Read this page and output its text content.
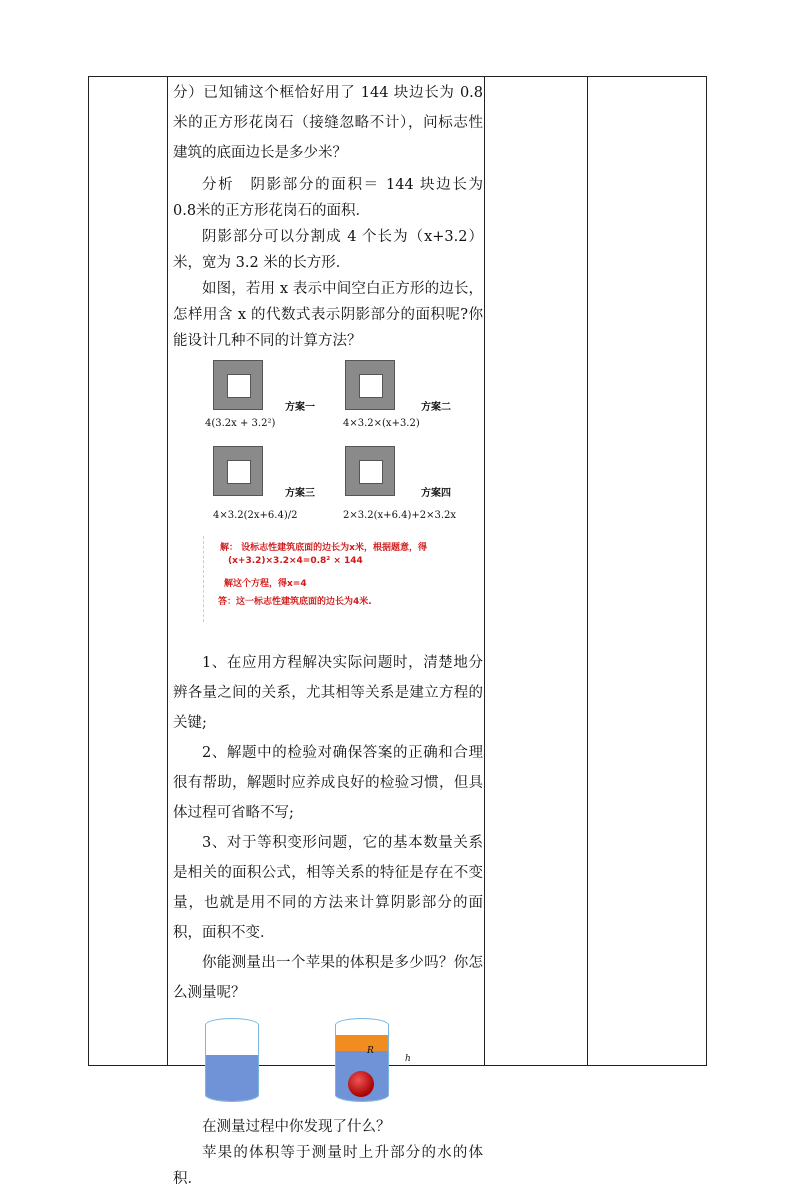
分）已知铺这个框恰好用了 144 块边长为 0.8 米的正方形花岗石（接缝忽略不计），问标志性建筑的底面边长是多少米？

分析　阴影部分的面积＝ 144 块边长为 0.8米的正方形花岗石的面积．

阴影部分可以分割成 4 个长为（x+3.2）米，宽为 3.2 米的长方形．

如图，若用 x 表示中间空白正方形的边长，怎样用含 x 的代数式表示阴影部分的面积呢?你能设计几种不同的计算方法？

方案一
4(3.2x + 3.2²)
方案二
4×3.2×(x+3.2)
方案三
4×3.2(2x+6.4)/2
方案四
2×3.2(x+6.4)+2×3.2x
解： 设标志性建筑底面的边长为x米，根据题意，得
(x+3.2)×3.2×4=0.8² × 144
解这个方程，得x=4
答：这一标志性建筑底面的边长为4米.

1、在应用方程解决实际问题时，清楚地分辨各量之间的关系，尤其相等关系是建立方程的关键;

2、解题中的检验对确保答案的正确和合理很有帮助，解题时应养成良好的检验习惯，但具体过程可省略不写;

3、对于等积变形问题，它的基本数量关系是相关的面积公式，相等关系的特征是存在不变量，也就是用不同的方法来计算阴影部分的面积，面积不变．

你能测量出一个苹果的体积是多少吗？你怎么测量呢？

R
h

在测量过程中你发现了什么？

苹果的体积等于测量时上升部分的水的体积．
